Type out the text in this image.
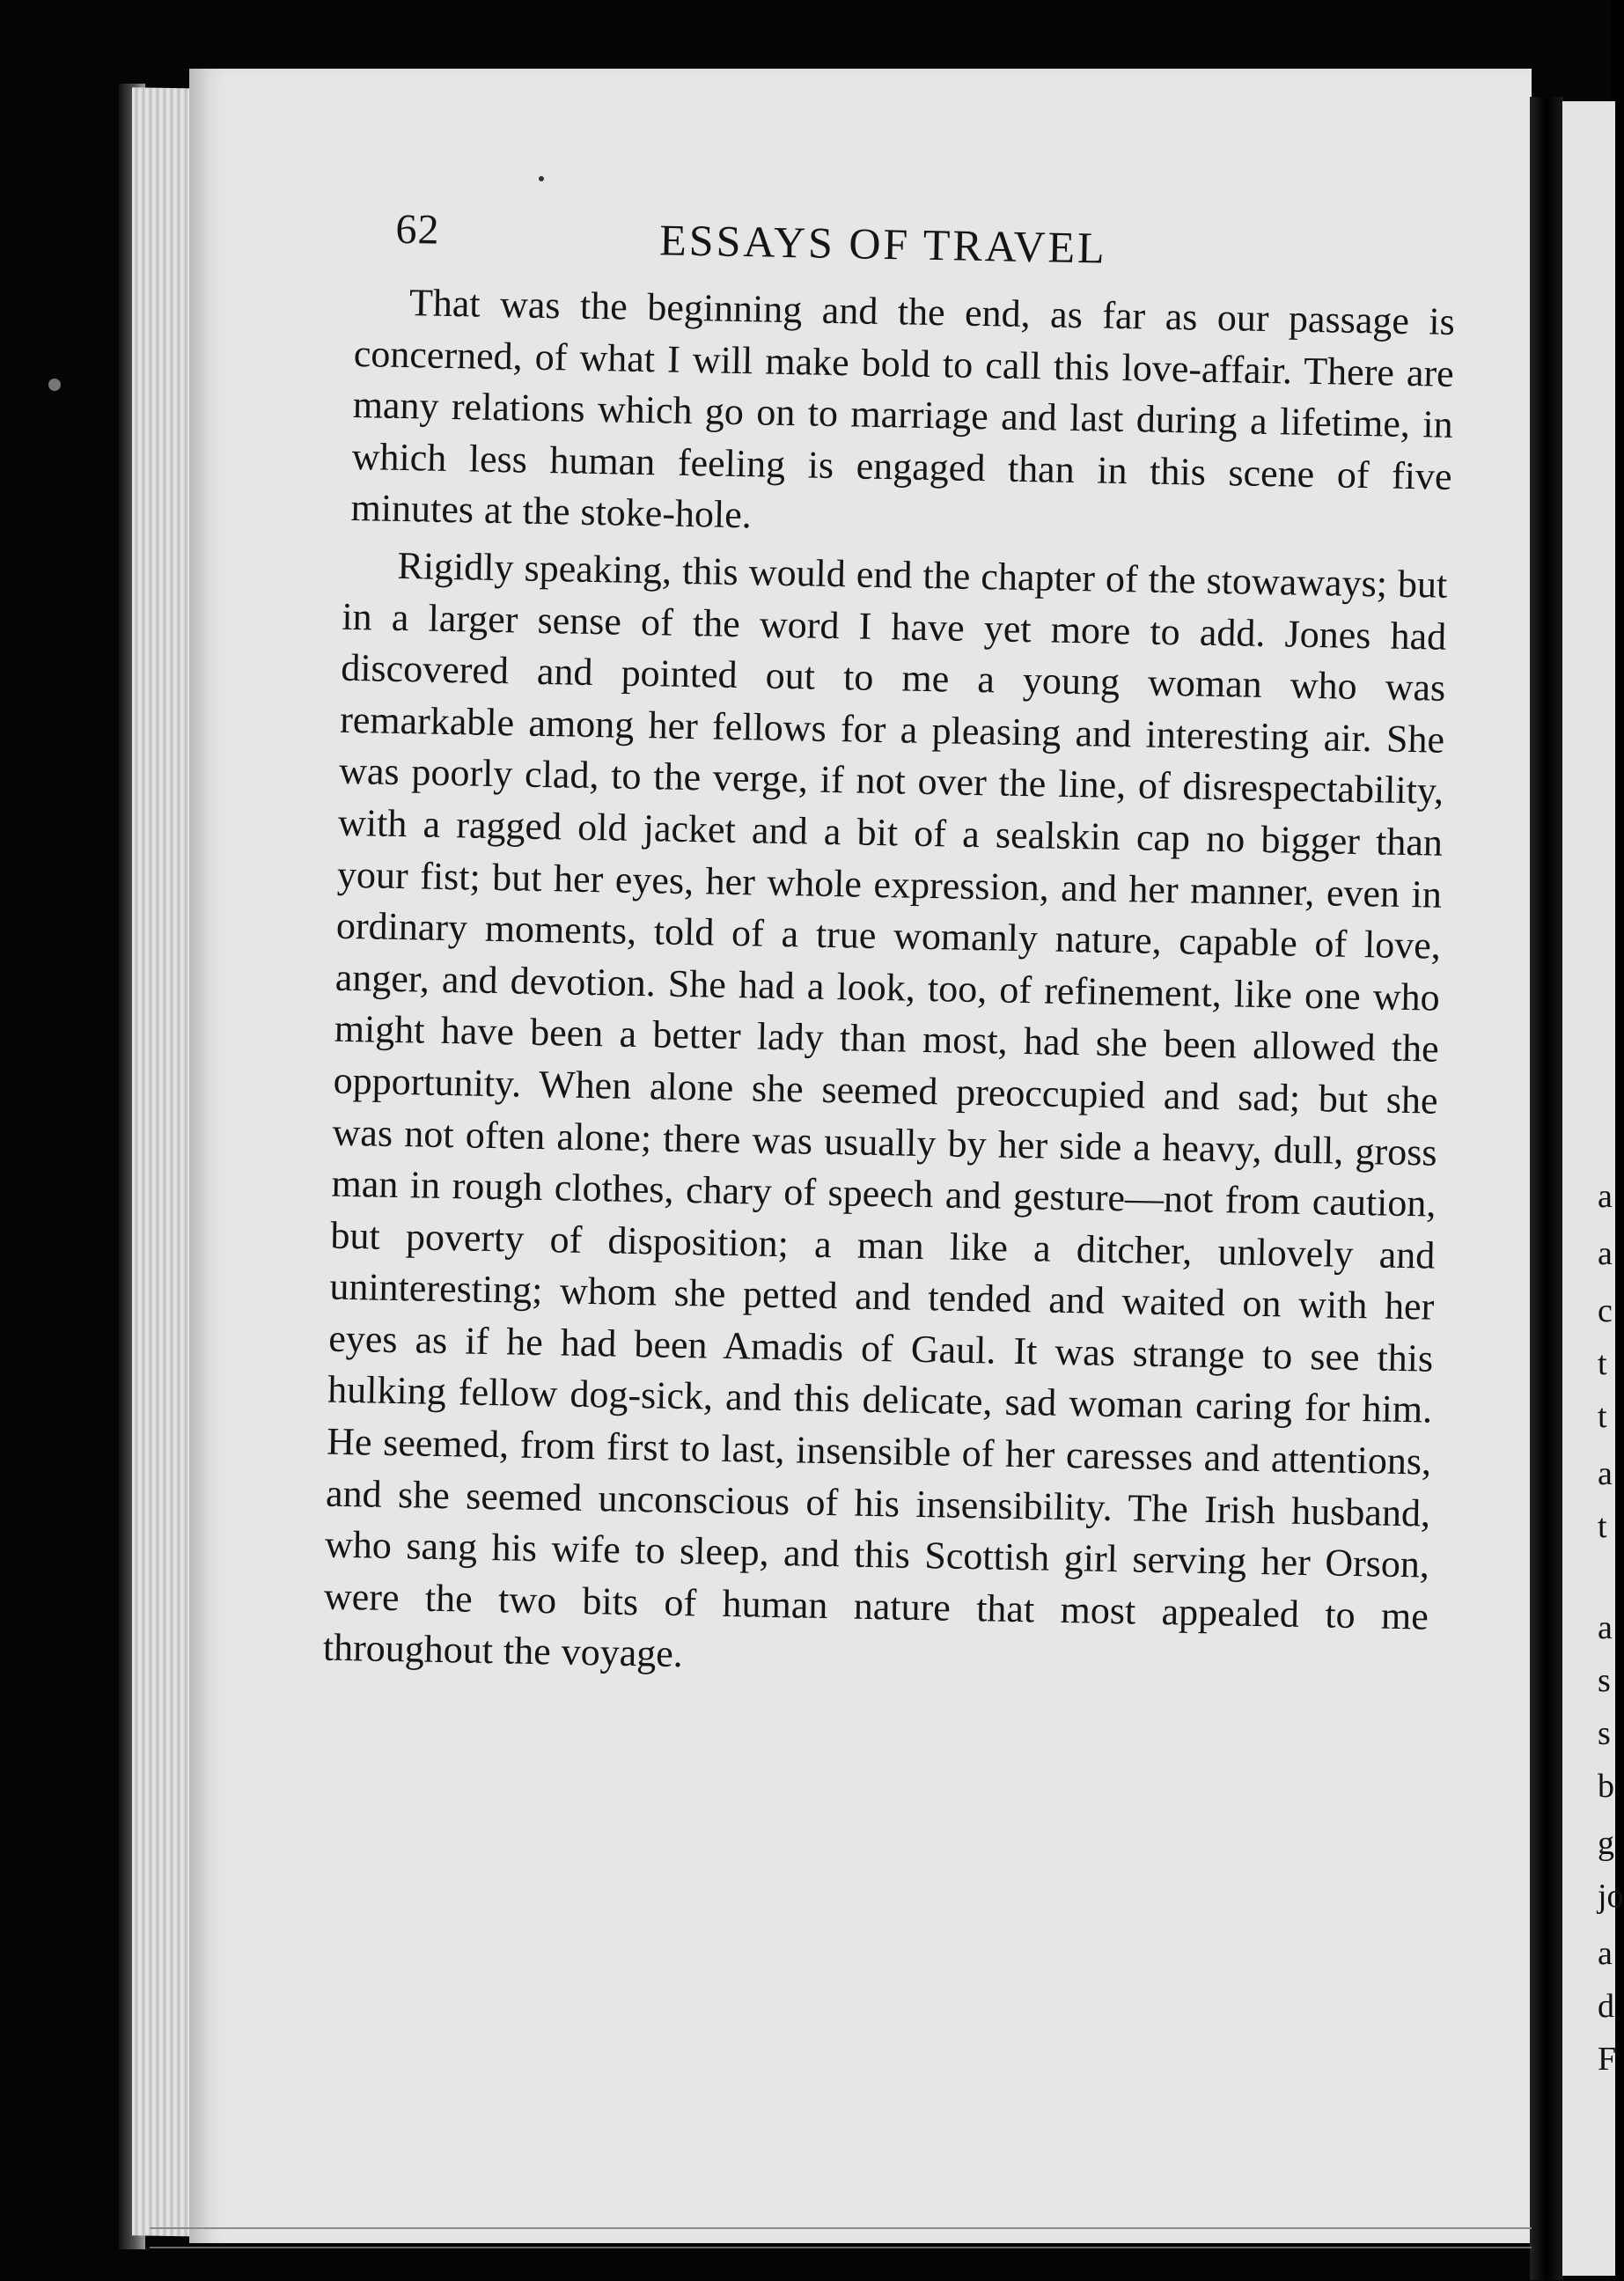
a
a
c
t
t
a
t
a
s
s
b
g
jo
a
d
F
62	ESSAYS OF TRAVEL

That was the beginning and the end, as far as our passage is concerned, of what I will make bold to call this love-affair. There are many relations which go on to marriage and last during a lifetime, in which less human feeling is engaged than in this scene of five minutes at the stoke-hole.

Rigidly speaking, this would end the chapter of the stowaways; but in a larger sense of the word I have yet more to add. Jones had discovered and pointed out to me a young woman who was remarkable among her fellows for a pleasing and interesting air. She was poorly clad, to the verge, if not over the line, of disrespectability, with a ragged old jacket and a bit of a sealskin cap no bigger than your fist; but her eyes, her whole expression, and her manner, even in ordinary moments, told of a true womanly nature, capable of love, anger, and devotion. She had a look, too, of refinement, like one who might have been a better lady than most, had she been allowed the opportunity. When alone she seemed preoccupied and sad; but she was not often alone; there was usually by her side a heavy, dull, gross man in rough clothes, chary of speech and gesture—not from caution, but poverty of disposition; a man like a ditcher, unlovely and uninteresting; whom she petted and tended and waited on with her eyes as if he had been Amadis of Gaul. It was strange to see this hulking fellow dog-sick, and this delicate, sad woman caring for him. He seemed, from first to last, insensible of her caresses and attentions, and she seemed unconscious of his insensibility. The Irish husband, who sang his wife to sleep, and this Scottish girl serving her Orson, were the two bits of human nature that most appealed to me throughout the voyage.
